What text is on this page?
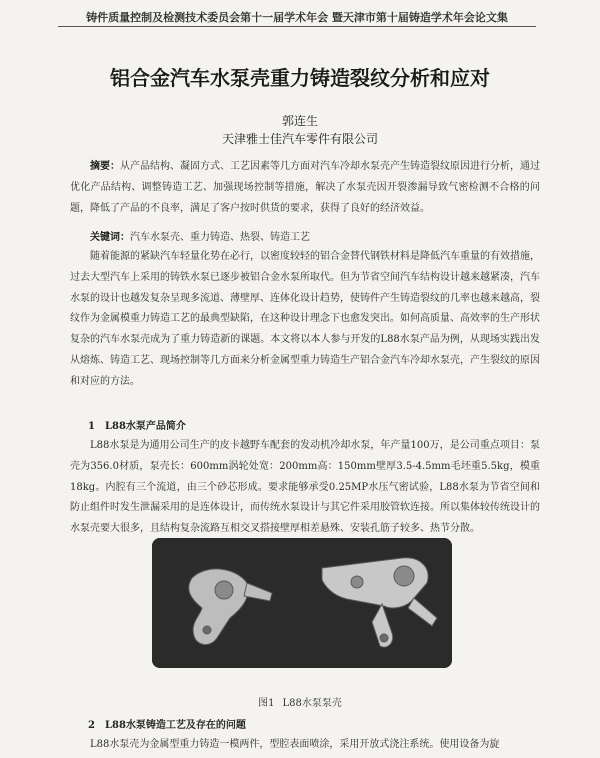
铸件质量控制及检测技术委员会第十一届学术年会 暨天津市第十届铸造学术年会论文集
铝合金汽车水泵壳重力铸造裂纹分析和应对
郭连生
天津雅士佳汽车零件有限公司

摘要：从产品结构、凝固方式、工艺因素等几方面对汽车冷却水泵壳产生铸造裂纹原因进行分析，通过优化产品结构、调整铸造工艺、加强现场控制等措施，解决了水泵壳因开裂渗漏导致气密检测不合格的问题，降低了产品的不良率，满足了客户按时供货的要求，获得了良好的经济效益。

关键词：汽车水泵壳、重力铸造、热裂、铸造工艺

随着能源的紧缺汽车轻量化势在必行，以密度较轻的铝合金替代钢铁材料是降低汽车重量的有效措施，过去大型汽车上采用的铸铁水泵已逐步被铝合金水泵所取代。但为节省空间汽车结构设计越来越紧凑，汽车水泵的设计也越发复杂呈现多流道、薄壁厚、连体化设计趋势，使铸件产生铸造裂纹的几率也越来越高，裂纹作为金属模重力铸造工艺的最典型缺陷，在这种设计理念下也愈发突出。如何高质量、高效率的生产形状复杂的汽车水泵壳成为了重力铸造新的课题。本文将以本人参与开发的L88水泵产品为例，从现场实践出发从熔炼、铸造工艺、现场控制等几方面来分析金属型重力铸造生产铝合金汽车冷却水泵壳，产生裂纹的原因和对应的方法。

1 L88水泵产品简介

L88水泵是为通用公司生产的皮卡越野车配套的发动机冷却水泵，年产量100万，是公司重点项目：泵壳为356.0材质，泵壳长：600mm涡轮处宽：200mm高：150mm壁厚3.5-4.5mm毛坯重5.5kg，模重18kg。内腔有三个流道，由三个砂芯形成。要求能够承受0.25MP水压气密试验，L88水泵为节省空间和防止组件时发生泄漏采用的是连体设计，而传统水泵设计与其它件采用胶管软连接。所以集体较传统设计的水泵壳要大很多，且结构复杂流路互相交叉搭接壁厚相差悬殊、安装孔筋子较多、热节分散。

图1 L88水泵泵壳
2 L88水泵铸造工艺及存在的问题

L88水泵壳为金属型重力铸造一模两件，型腔表面喷涂，采用开放式浇注系统。使用设备为旋
